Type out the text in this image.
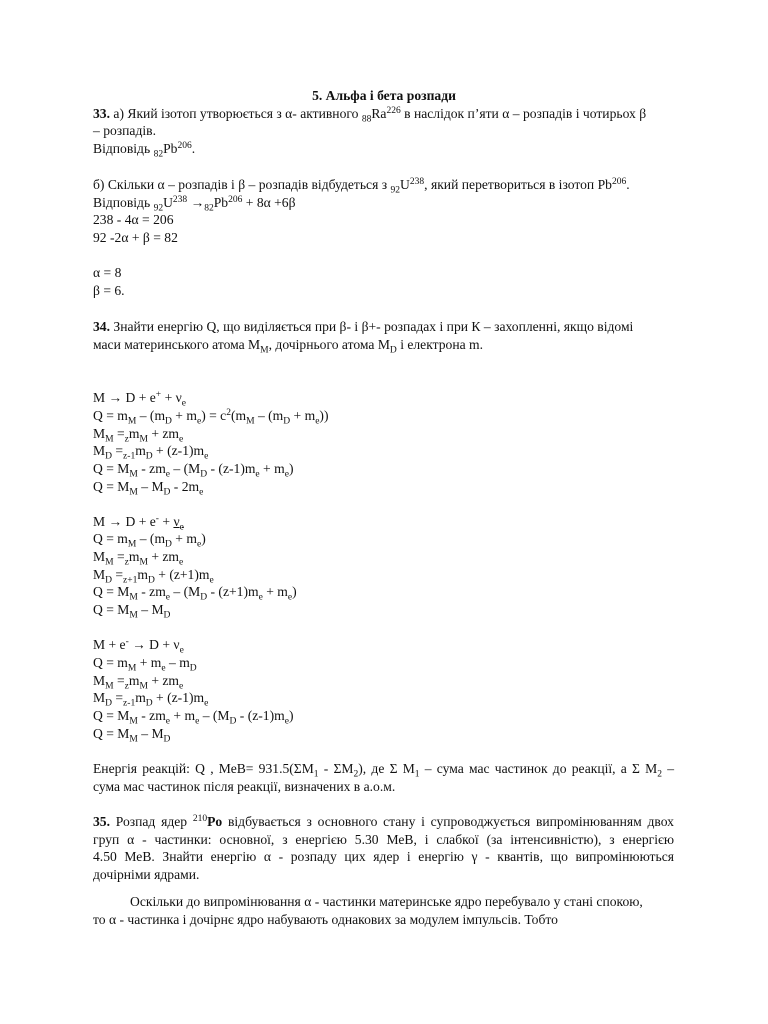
5. Альфа і бета розпади
33. а) Який ізотоп утворюється з α- активного $_{88}Ra^{226}$ в наслідок п’яти α – розпадів і чотирьох β
– розпадів.
Відповідь $_{82}Pb^{206}$.
б) Скільки α – розпадів і β – розпадів відбудеться з $_{92}U^{238}$, який перетвориться в ізотоп Pb$^{206}$.
Відповідь $_{92}U^{238} \to_{82}Pb^{206} + 8\alpha +6\beta$
238 - 4α = 206
92 -2α + β = 82
α = 8
β = 6.
34. Знайти енергію Q, що виділяється при β- і β+- розпадах і при К – захопленні, якщо відомі
маси материнського атома $M_M$, дочірнього атома $M_D$ і електрона m.
$M \to D + e^+ + \nu_e$
$Q = m_M - (m_D + m_e) = c^2(m_M - (m_D + m_e))$
$M_M =_zm_M + zm_e$
$M_D =_{z-1}m_D + (z-1)m_e$
$Q = M_M - zm_e - (M_D - (z-1)m_e + m_e)$
$Q = M_M - M_D - 2m_e$
$M \to D + e^- + \nu_e$
$Q = m_M - (m_D + m_e)$
$M_M =_zm_M + zm_e$
$M_D =_{z+1}m_D + (z+1)m_e$
$Q = M_M - zm_e - (M_D - (z+1)m_e + m_e)$
$Q = M_M - M_D$
$M + e^- \to D + \nu_e$
$Q = m_M + m_e - m_D$
$M_M =_zm_M + zm_e$
$M_D =_{z-1}m_D + (z-1)m_e$
$Q = M_M - zm_e + m_e - (M_D - (z-1)m_e)$
$Q = M_M - M_D$
Енергія реакцій: Q , $МеВ= 931.5(\Sigma М_1 - \Sigma М_2)$, де Σ $М_1$ – сума мас частинок до реакції, а Σ $М_2$ –
сума мас частинок після реакції, визначених в а.о.м.
35. Розпад ядер $^{210}$Po відбувається з основного стану і супроводжується випромінюванням двох
груп α - частинки: основної, з енергією 5.30 МеВ, і слабкої (за інтенсивністю), з енергією
4.50 МеВ. Знайти енергію α - розпаду цих ядер і енергію γ - квантів, що випромінюються
дочірніми ядрами.
Оскільки до випромінювання α - частинки материнське ядро перебувало у стані спокою,
то α - частинка і дочірнє ядро набувають однакових за модулем імпульсів. Тобто
